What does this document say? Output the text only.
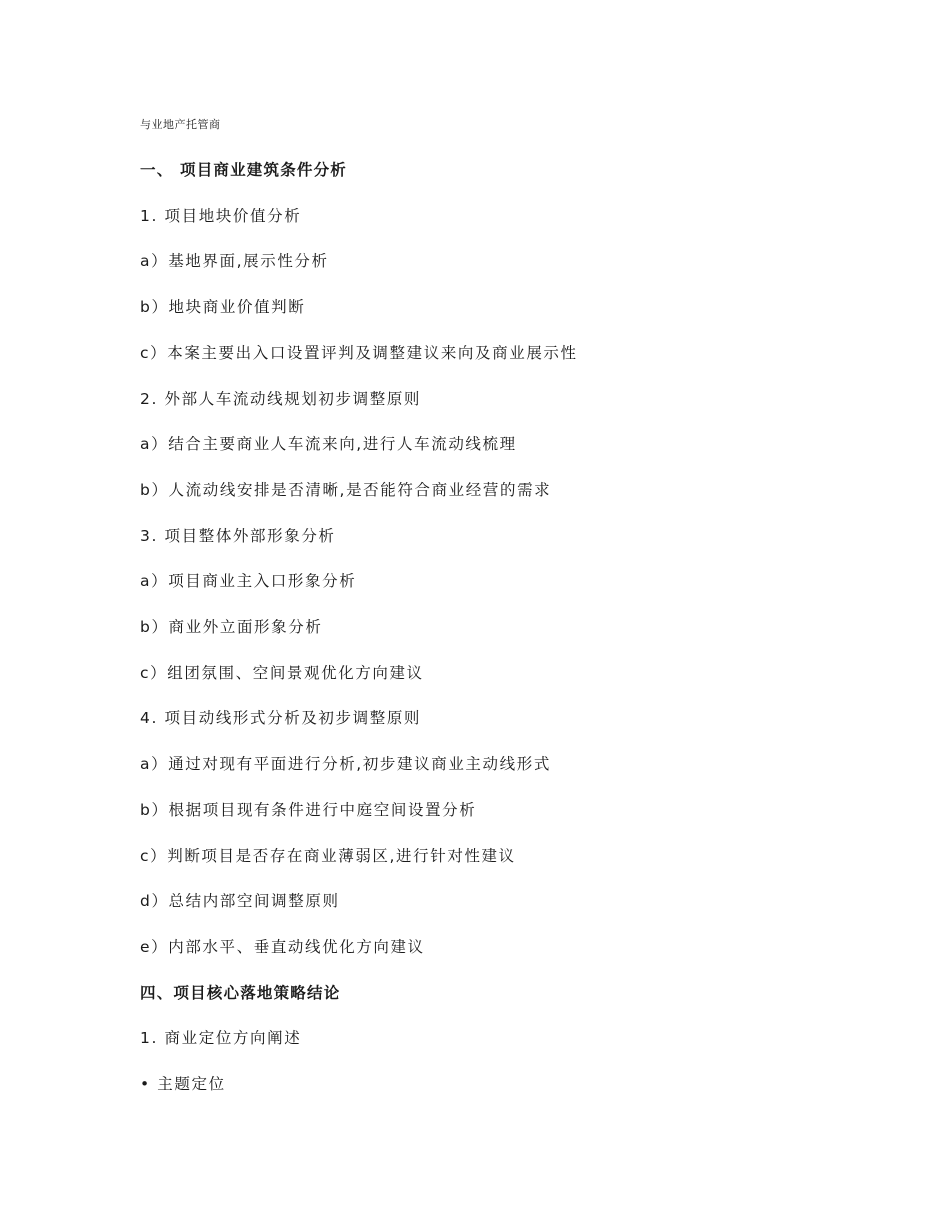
与业地产托管商
一、 项目商业建筑条件分析
1. 项目地块价值分析
a）基地界面,展示性分析
b）地块商业价值判断
c）本案主要出入口设置评判及调整建议来向及商业展示性
2. 外部人车流动线规划初步调整原则
a）结合主要商业人车流来向,进行人车流动线梳理
b）人流动线安排是否清晰,是否能符合商业经营的需求
3. 项目整体外部形象分析
a）项目商业主入口形象分析
b）商业外立面形象分析
c）组团氛围、空间景观优化方向建议
4. 项目动线形式分析及初步调整原则
a）通过对现有平面进行分析,初步建议商业主动线形式
b）根据项目现有条件进行中庭空间设置分析
c）判断项目是否存在商业薄弱区,进行针对性建议
d）总结内部空间调整原则
e）内部水平、垂直动线优化方向建议
四、项目核心落地策略结论
1. 商业定位方向阐述
• 主题定位
